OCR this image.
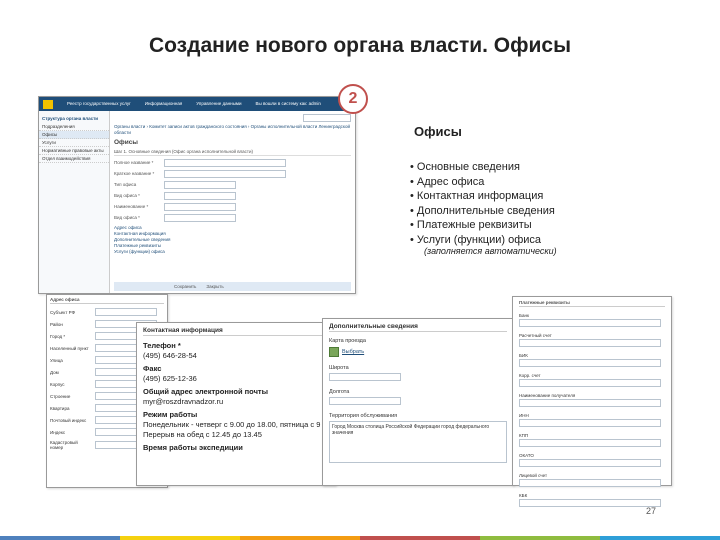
Создание нового органа власти. Офисы
Реестр государственных услуг	Информационная	Управление данными	Вы вошли в систему как: admin
Структура органа власти
Подразделения
Офисы
Услуги
Нормативные правовые акты
Отдел взаимодействия
Органы власти › Комитет записи актов гражданского состояния › Органы исполнительной власти Ленинградской области
Офисы
Шаг 1. Основные сведения (Офис органа исполнительной власти)
Полное название *
Краткое название *
Тип офиса
Вид офиса *
Наименование *
Вид офиса *
Адрес офиса
Контактная информация
Дополнительные сведения
Платежные реквизиты
Услуги (функции) офиса
Сохранить Закрыть
2
Офисы
• Основные сведения
• Адрес офиса
• Контактная информация
• Дополнительные сведения
• Платежные реквизиты
• Услуги (функции) офиса
(заполняется автоматически)
Адрес офиса
Субъект РФ
Район
Город *
Населенный пункт
Улица
Дом
Корпус
Строение
Квартира
Почтовый индекс
Индекс
Кадастровый номер
Контактная информация
Телефон *
(495) 646-28-54
Факс
(495) 625-12-36
Общий адрес электронной почты
myr@roszdravnadzor.ru
Режим работы
Понедельник - четверг с 9.00 до 18.00, пятница с 9
Перерыв на обед с 12.45 до 13.45
Время работы экспедиции
Дополнительные сведения
Карта проезда
Выбрать
Широта
Долгота
Территория обслуживания
Город Москва столица Российской Федерации город федерального значения
Платежные реквизиты
Банк
Расчетный счет
БИК
Корр. счет
Наименование получателя
ИНН
КПП
ОКАТО
Лицевой счет
КБК
27
